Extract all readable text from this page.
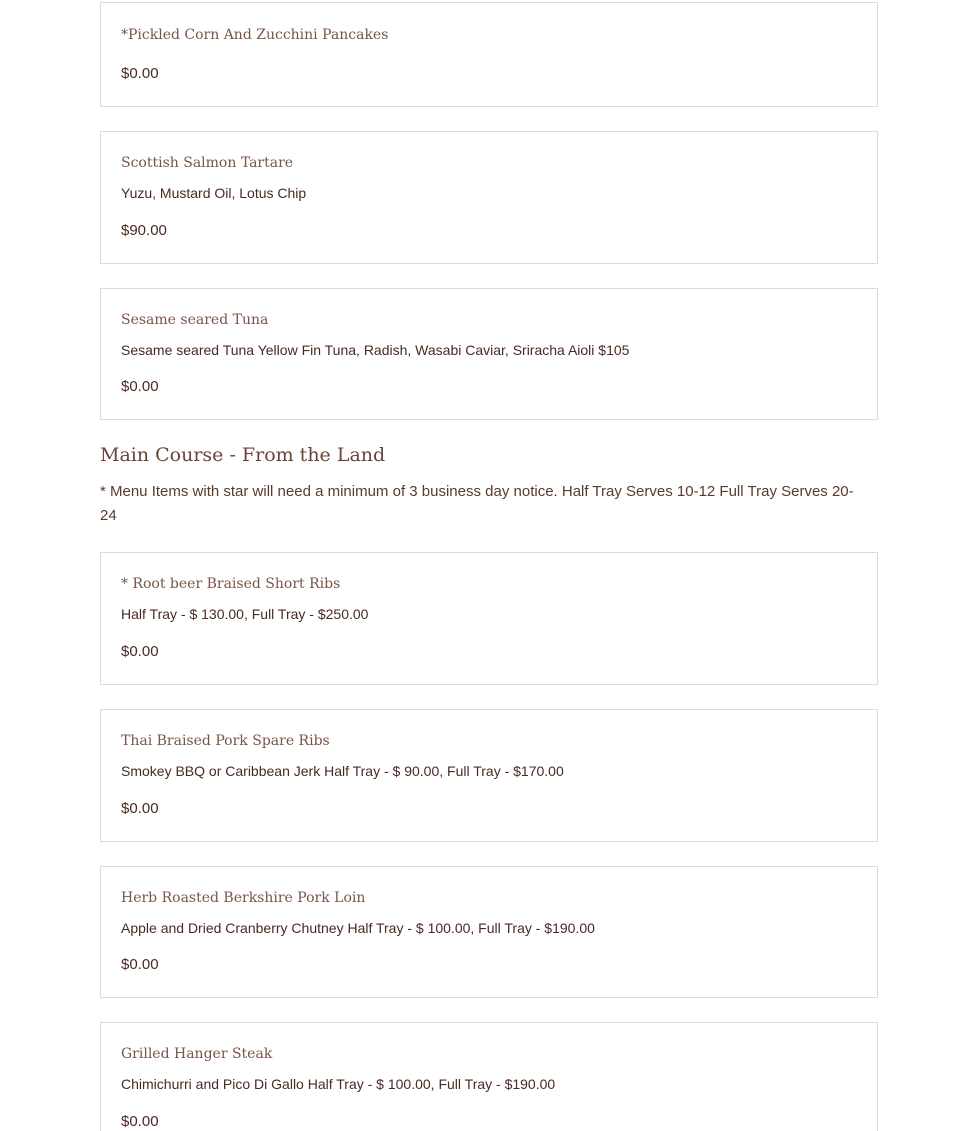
*Pickled Corn And Zucchini Pancakes
$0.00
Scottish Salmon Tartare
Yuzu, Mustard Oil, Lotus Chip
$90.00
Sesame seared Tuna
Sesame seared Tuna Yellow Fin Tuna, Radish, Wasabi Caviar, Sriracha Aioli $105
$0.00
Main Course - From the Land
* Menu Items with star will need a minimum of 3 business day notice. Half Tray Serves 10-12 Full Tray Serves 20-24
* Root beer Braised Short Ribs
Half Tray - $ 130.00, Full Tray - $250.00
$0.00
Thai Braised Pork Spare Ribs
Smokey BBQ or Caribbean Jerk Half Tray - $ 90.00, Full Tray - $170.00
$0.00
Herb Roasted Berkshire Pork Loin
Apple and Dried Cranberry Chutney Half Tray - $ 100.00, Full Tray - $190.00
$0.00
Grilled Hanger Steak
Chimichurri and Pico Di Gallo Half Tray - $ 100.00, Full Tray - $190.00
$0.00
